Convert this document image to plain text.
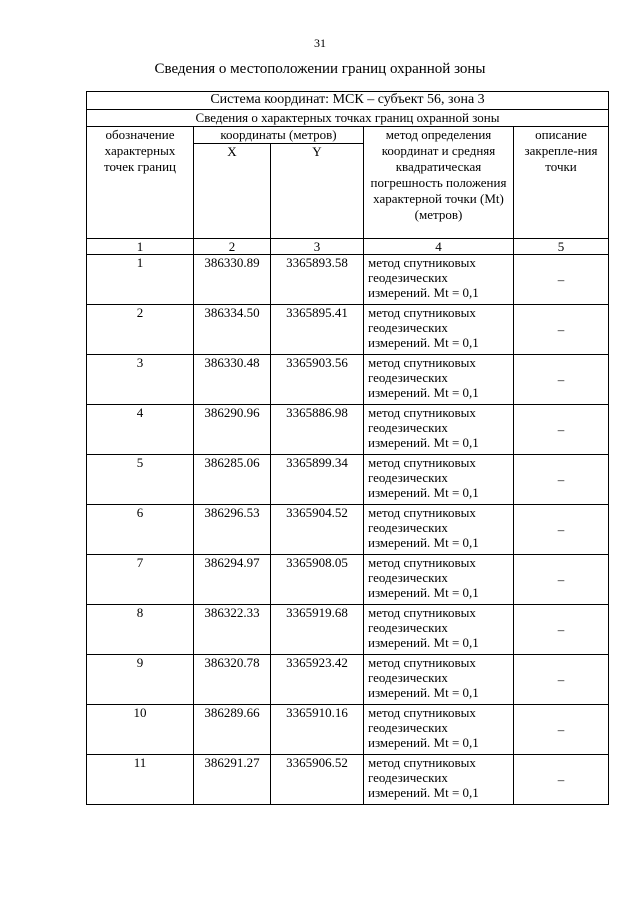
31
Сведения о местоположении границ охранной зоны
Система координат: МСК – субъект 56, зона 3				
Сведения о характерных точках границ охранной зоны				
обозначение характерных точек границ	координаты (метров)		метод определения координат и средняя квадратическая погрешность положения характерной точки (Mt) (метров)	описание закрепле-ния точки
	X	Y		
1	2	3	4	5
1	386330.89	3365893.58	метод спутниковых геодезических измерений. Mt = 0,1	–
2	386334.50	3365895.41	метод спутниковых геодезических измерений. Mt = 0,1	–
3	386330.48	3365903.56	метод спутниковых геодезических измерений. Mt = 0,1	–
4	386290.96	3365886.98	метод спутниковых геодезических измерений. Mt = 0,1	–
5	386285.06	3365899.34	метод спутниковых геодезических измерений. Mt = 0,1	–
6	386296.53	3365904.52	метод спутниковых геодезических измерений. Mt = 0,1	–
7	386294.97	3365908.05	метод спутниковых геодезических измерений. Mt = 0,1	–
8	386322.33	3365919.68	метод спутниковых геодезических измерений. Mt = 0,1	–
9	386320.78	3365923.42	метод спутниковых геодезических измерений. Mt = 0,1	–
10	386289.66	3365910.16	метод спутниковых геодезических измерений. Mt = 0,1	–
11	386291.27	3365906.52	метод спутниковых геодезических измерений. Mt = 0,1	–
